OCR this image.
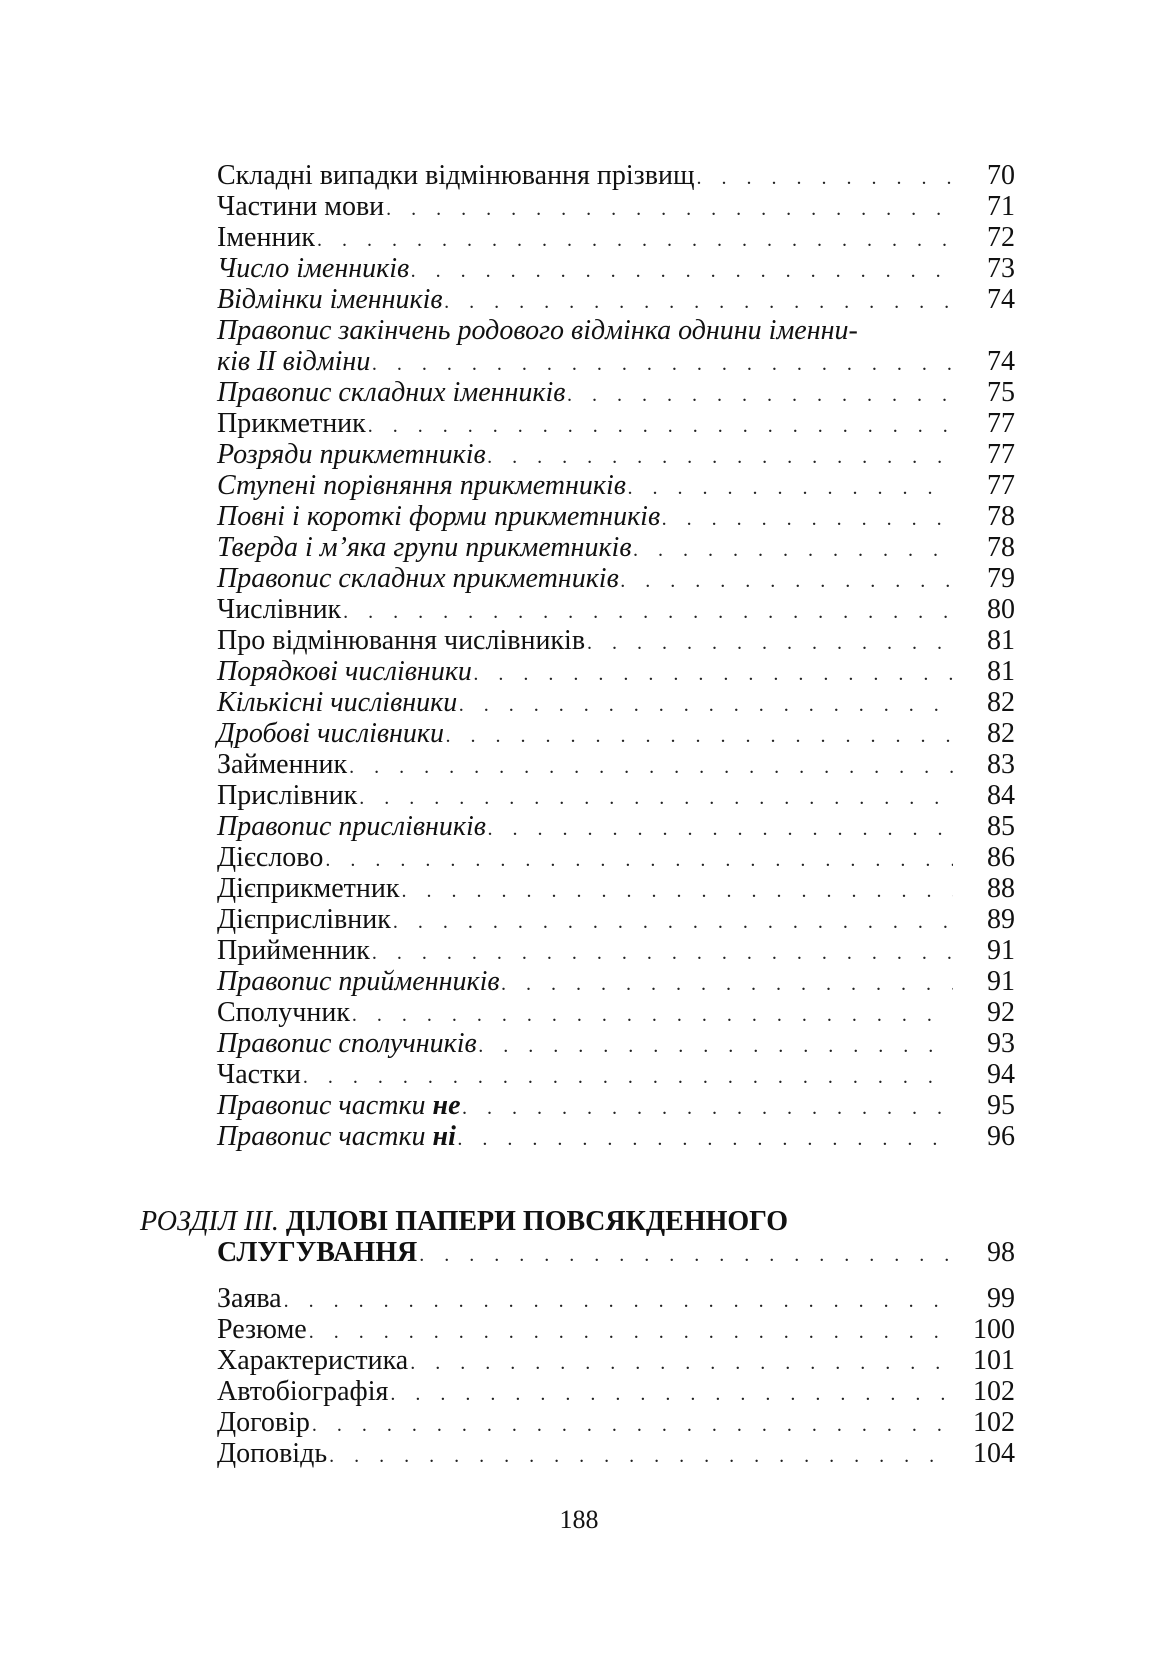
Складні випадки відмінювання прізвищ . . .	70
Частини мови . . .	71
Іменник . . .	72
Число іменників . . .	73
Відмінки іменників . . .	74
Правопис закінчень родового відмінка однини іменни-
ків ІІ відміни . . .	74
Правопис складних іменників . . .	75
Прикметник . . .	77
Розряди прикметників . . .	77
Ступені порівняння прикметників . . .	77
Повні і короткі форми прикметників . . .	78
Тверда і м’яка групи прикметників . . .	78
Правопис складних прикметників . . .	79
Числівник . . .	80
Про відмінювання числівників . . .	81
Порядкові числівники . . .	81
Кількісні числівники . . .	82
Дробові числівники . . .	82
Займенник . . .	83
Прислівник . . .	84
Правопис прислівників . . .	85
Дієслово . . .	86
Дієприкметник . . .	88
Дієприслівник . . .	89
Прийменник . . .	91
Правопис прийменників . . .	91
Сполучник . . .	92
Правопис сполучників . . .	93
Частки . . .	94
Правопис частки не . . .	95
Правопис частки ні . . .	96
РОЗДІЛ ІІІ. ДІЛОВІ ПАПЕРИ ПОВСЯКДЕННОГО
СЛУГУВАННЯ . . .	98
Заява . . .	99
Резюме . . .	100
Характеристика . . .	101
Автобіографія . . .	102
Договір . . .	102
Доповідь . . .	104
188
